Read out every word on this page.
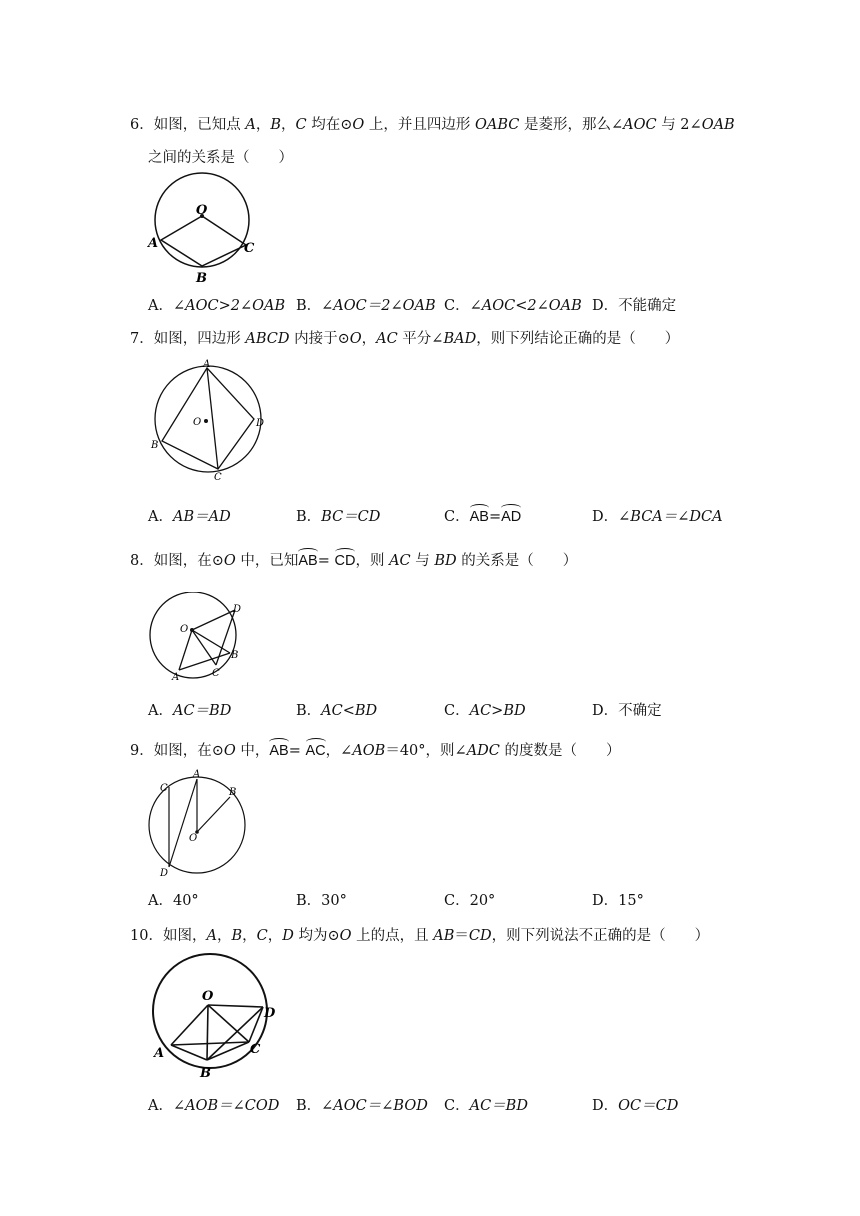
6．如图，已知点 A，B，C 均在⊙O 上，并且四边形 OABC 是菱形，那么∠AOC 与 2∠OAB
之间的关系是（　　）
O
A
B
C
A．∠AOC>2∠OAB B．∠AOC＝2∠OAB C．∠AOC<2∠OAB D．不能确定
7．如图，四边形 ABCD 内接于⊙O，AC 平分∠BAD，则下列结论正确的是（　　）
A
O	D
B
C
A．AB＝AD	B．BC＝CD	C．AB=AD	D．∠BCA＝∠DCA
8．如图，在⊙O 中，已知AB= CD，则 AC 与 BD 的关系是（　　）
D
O
B
A	C
A．AC＝BD	B．AC<BD	C．AC>BD	D．不确定
9．如图，在⊙O 中，AB= AC，∠AOB＝40°，则∠ADC 的度数是（　　）
C
A
B
O
D
A．40°	B．30°	C．20°	D．15°
10．如图，A，B，C，D 均为⊙O 上的点，且 AB＝CD，则下列说法不正确的是（　　）
O
D
A	C
B
A．∠AOB＝∠COD B．∠AOC＝∠BOD C．AC＝BD	D．OC＝CD
